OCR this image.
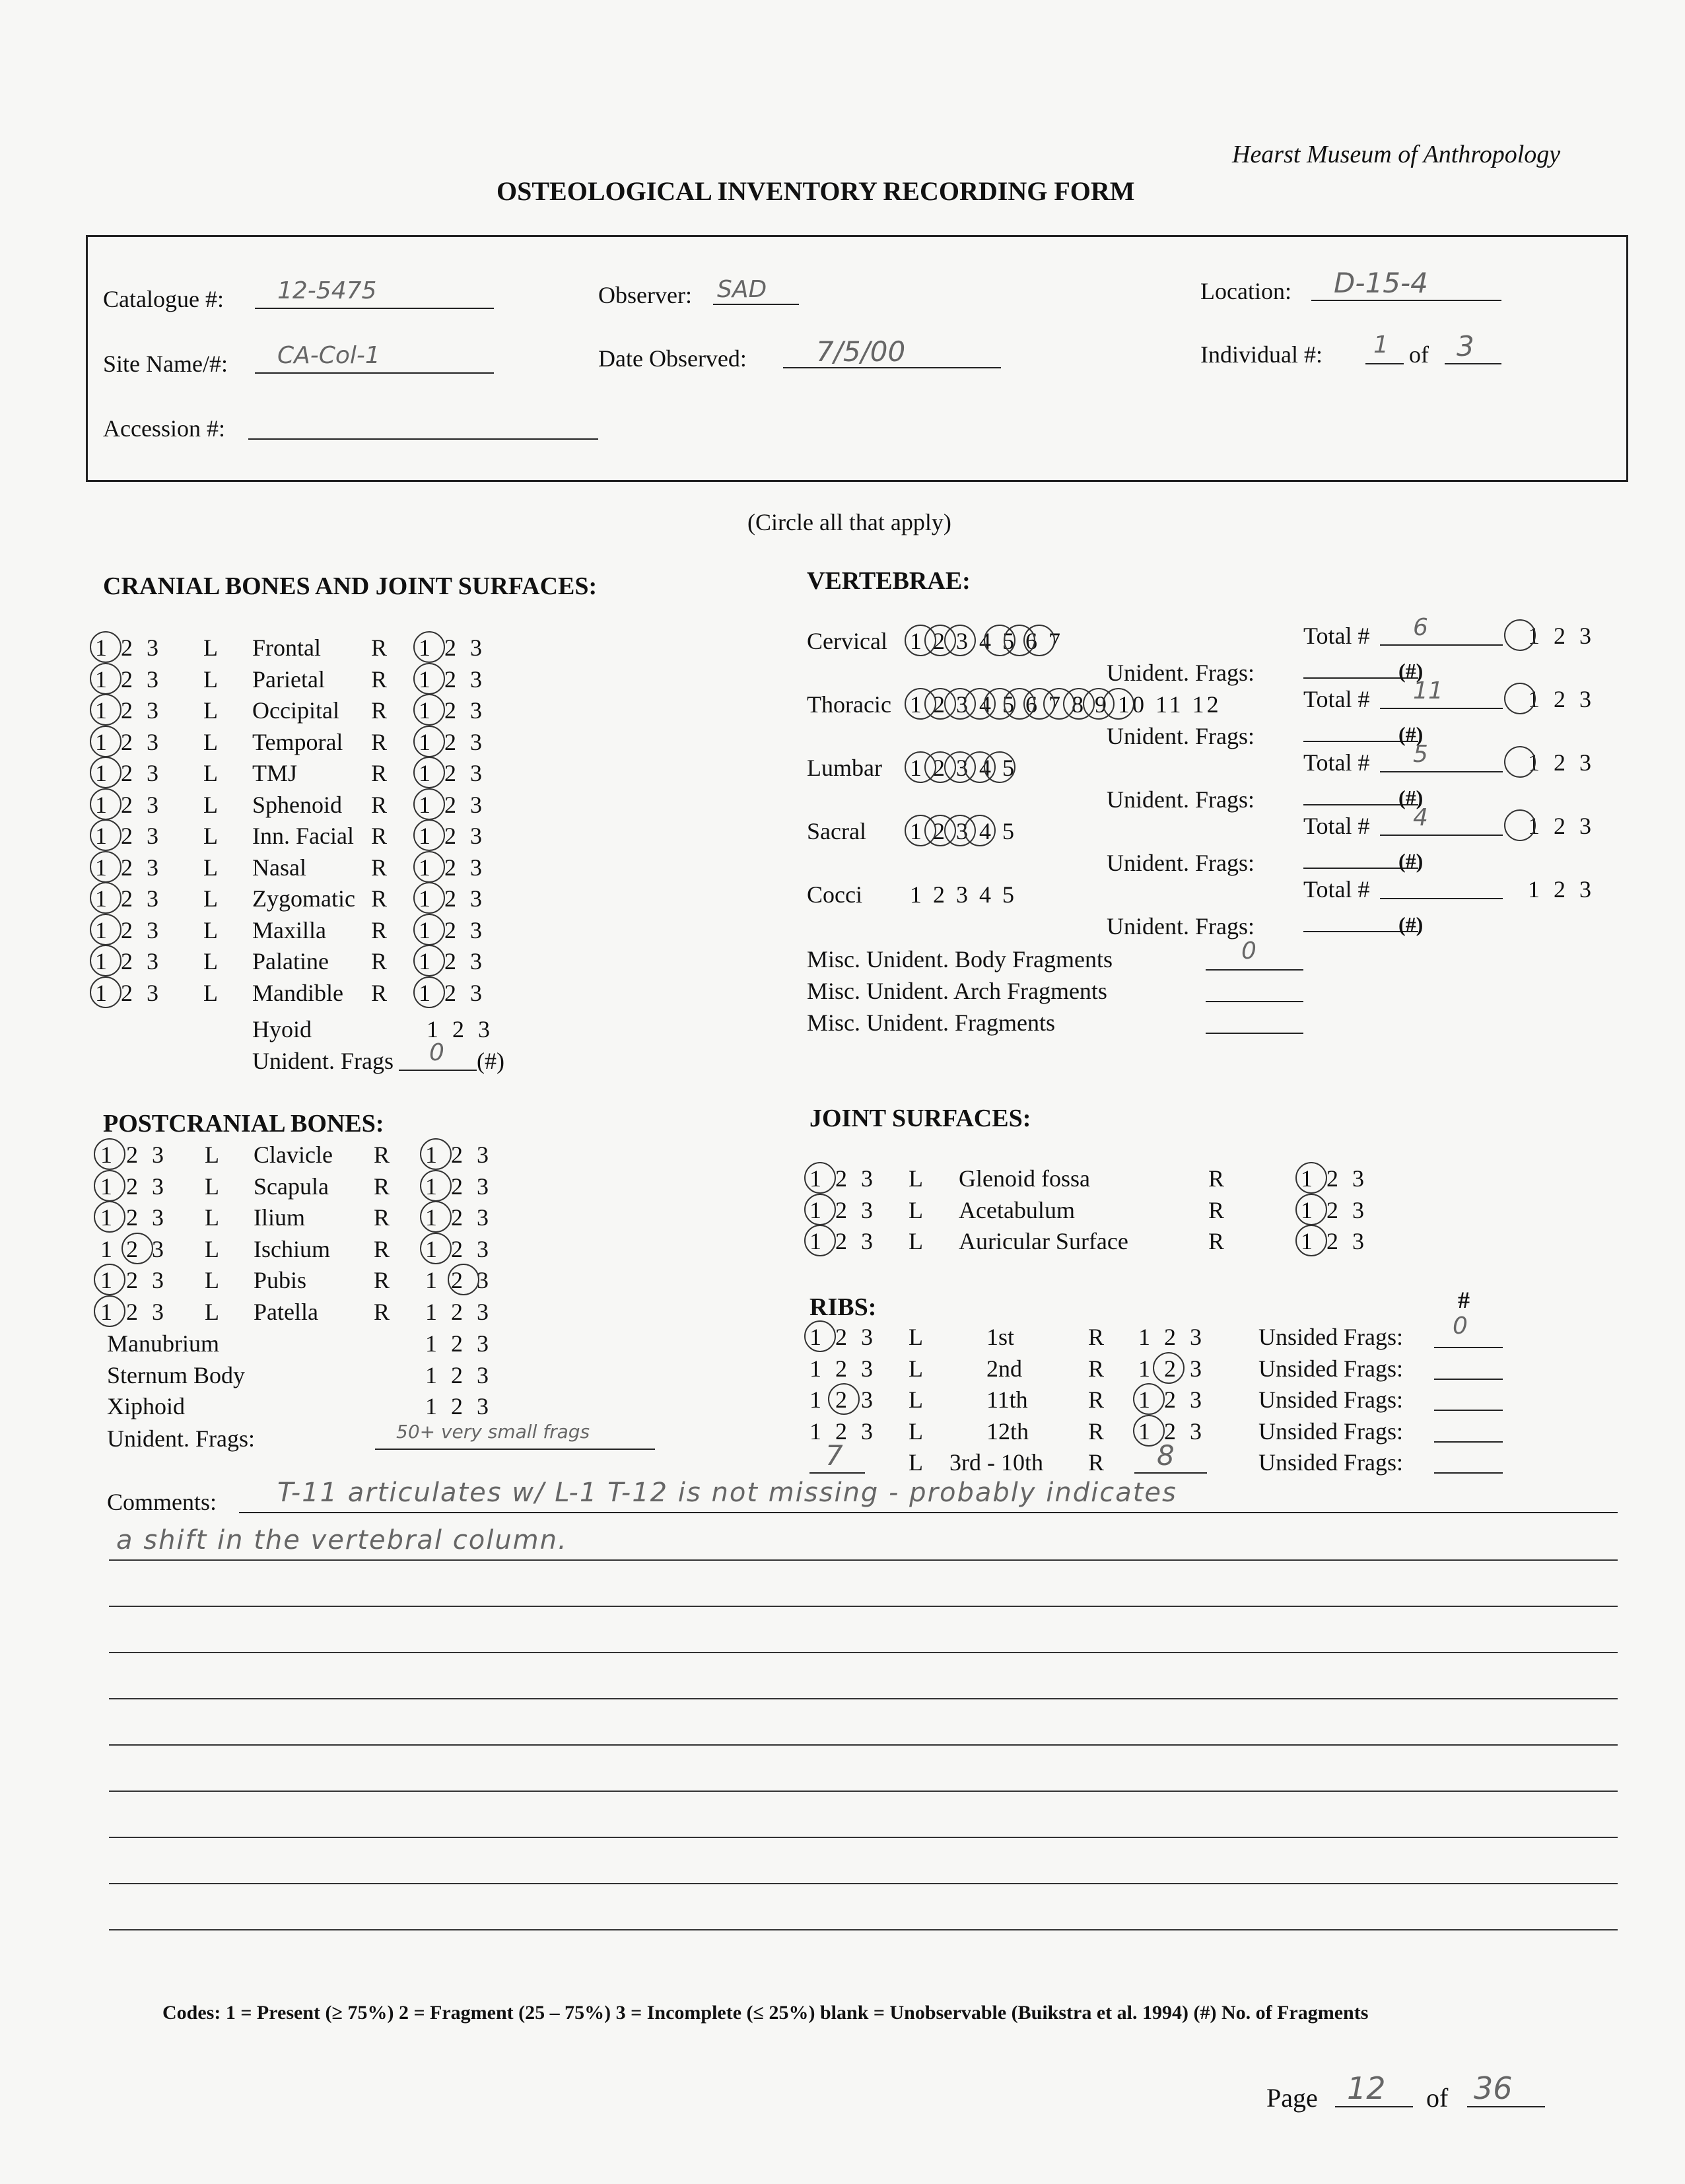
Hearst Museum of Anthropology
OSTEOLOGICAL INVENTORY RECORDING FORM
Catalogue #: 12-5475	Observer: SAD	Location: D-15-4
Site Name/#: CA-Col-1	Date Observed:	7/5/00	Individual #: 1 of 3
Accession #:
(Circle all that apply)
CRANIAL BONES AND JOINT SURFACES:
1 2 3 L Frontal R 1 2 3
1 2 3 L Parietal R 1 2 3
1 2 3 L Occipital R 1 2 3
1 2 3 L Temporal R 1 2 3
1 2 3 L TMJ	R 1 2 3
1 2 3 L Sphenoid R 1 2 3
1 2 3 L Inn. Facial R 1 2 3
1 2 3 L Nasal	R 1 2 3
1 2 3 L Zygomatic R 1 2 3
1 2 3 L Maxilla R 1 2 3
1 2 3 L Palatine R 1 2 3
1 2 3 L Mandible R 1 2 3
Hyoid	1 2 3
Unident. Frags 0 (#)
VERTEBRAE:
Cervical 1 2 3 4 5 6 7	Total # 6	1 2 3
Unident. Frags:	(#)
Thoracic 1 2 3 4 5 6 7 8 9 10 11 12	Total # 11	1 2 3
Unident. Frags:	(#)
Lumbar 1 2 3 4 5	Total # 5	1 2 3
Unident. Frags:	(#)
Sacral 1 2 3 4 5	Total # 4	1 2 3
Unident. Frags:	(#)
Cocci 1 2 3 4 5	Total #	1 2 3
Unident. Frags:	(#)
Misc. Unident. Body Fragments	0
Misc. Unident. Arch Fragments
Misc. Unident. Fragments
POSTCRANIAL BONES:
1 2 3 L Clavicle R 1 2 3
1 2 3 L Scapula R 1 2 3
1 2 3 L Ilium	R 1 2 3
1 2 3 L Ischium R 1 2 3
1 2 3 L Pubis	R 1 2 3
1 2 3 L Patella R 1 2 3
Manubrium	1 2 3
Sternum Body	1 2 3
Xiphoid	1 2 3
Unident. Frags:	50+ very small frags
JOINT SURFACES:
1 2 3 L Glenoid fossa	R	1 2 3
1 2 3 L Acetabulum	R	1 2 3
1 2 3 L Auricular Surface	R	1 2 3
RIBS:	#
1 2 3 L	1st	R 1 2 3 Unsided Frags: 0
1 2 3 L	2nd	R 1 2 3 Unsided Frags:
1 2 3 L	11th	R 1 2 3 Unsided Frags:
1 2 3 L	12th R 1 2 3 Unsided Frags:
7	L 3rd - 10th R 8	Unsided Frags:
Comments: T-11 articulates w/ L-1 T-12 is not missing - probably indicates
a shift in the vertebral column.
Codes: 1 = Present (≥ 75%) 2 = Fragment (25 – 75%) 3 = Incomplete (≤ 25%) blank = Unobservable (Buikstra et al. 1994) (#) No. of Fragments
Page 12 of 36
